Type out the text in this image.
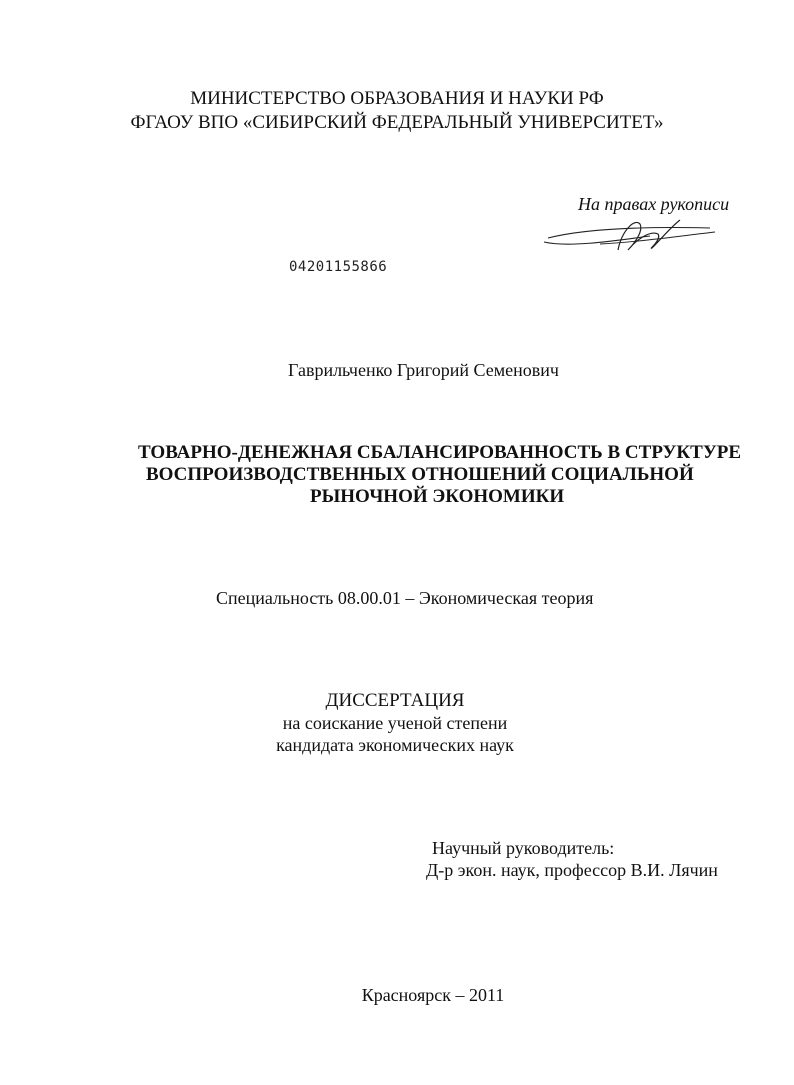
МИНИСТЕРСТВО ОБРАЗОВАНИЯ И НАУКИ РФ
ФГАОУ ВПО «СИБИРСКИЙ ФЕДЕРАЛЬНЫЙ УНИВЕРСИТЕТ»
На правах рукописи
04201155866
Гаврильченко Григорий Семенович
ТОВАРНО-ДЕНЕЖНАЯ СБАЛАНСИРОВАННОСТЬ В СТРУКТУРЕ
ВОСПРОИЗВОДСТВЕННЫХ ОТНОШЕНИЙ СОЦИАЛЬНОЙ
РЫНОЧНОЙ ЭКОНОМИКИ
Специальность 08.00.01 – Экономическая теория
ДИССЕРТАЦИЯ
на соискание ученой степени
кандидата экономических наук
Научный руководитель:
Д-р экон. наук, профессор В.И. Лячин
Красноярск – 2011
